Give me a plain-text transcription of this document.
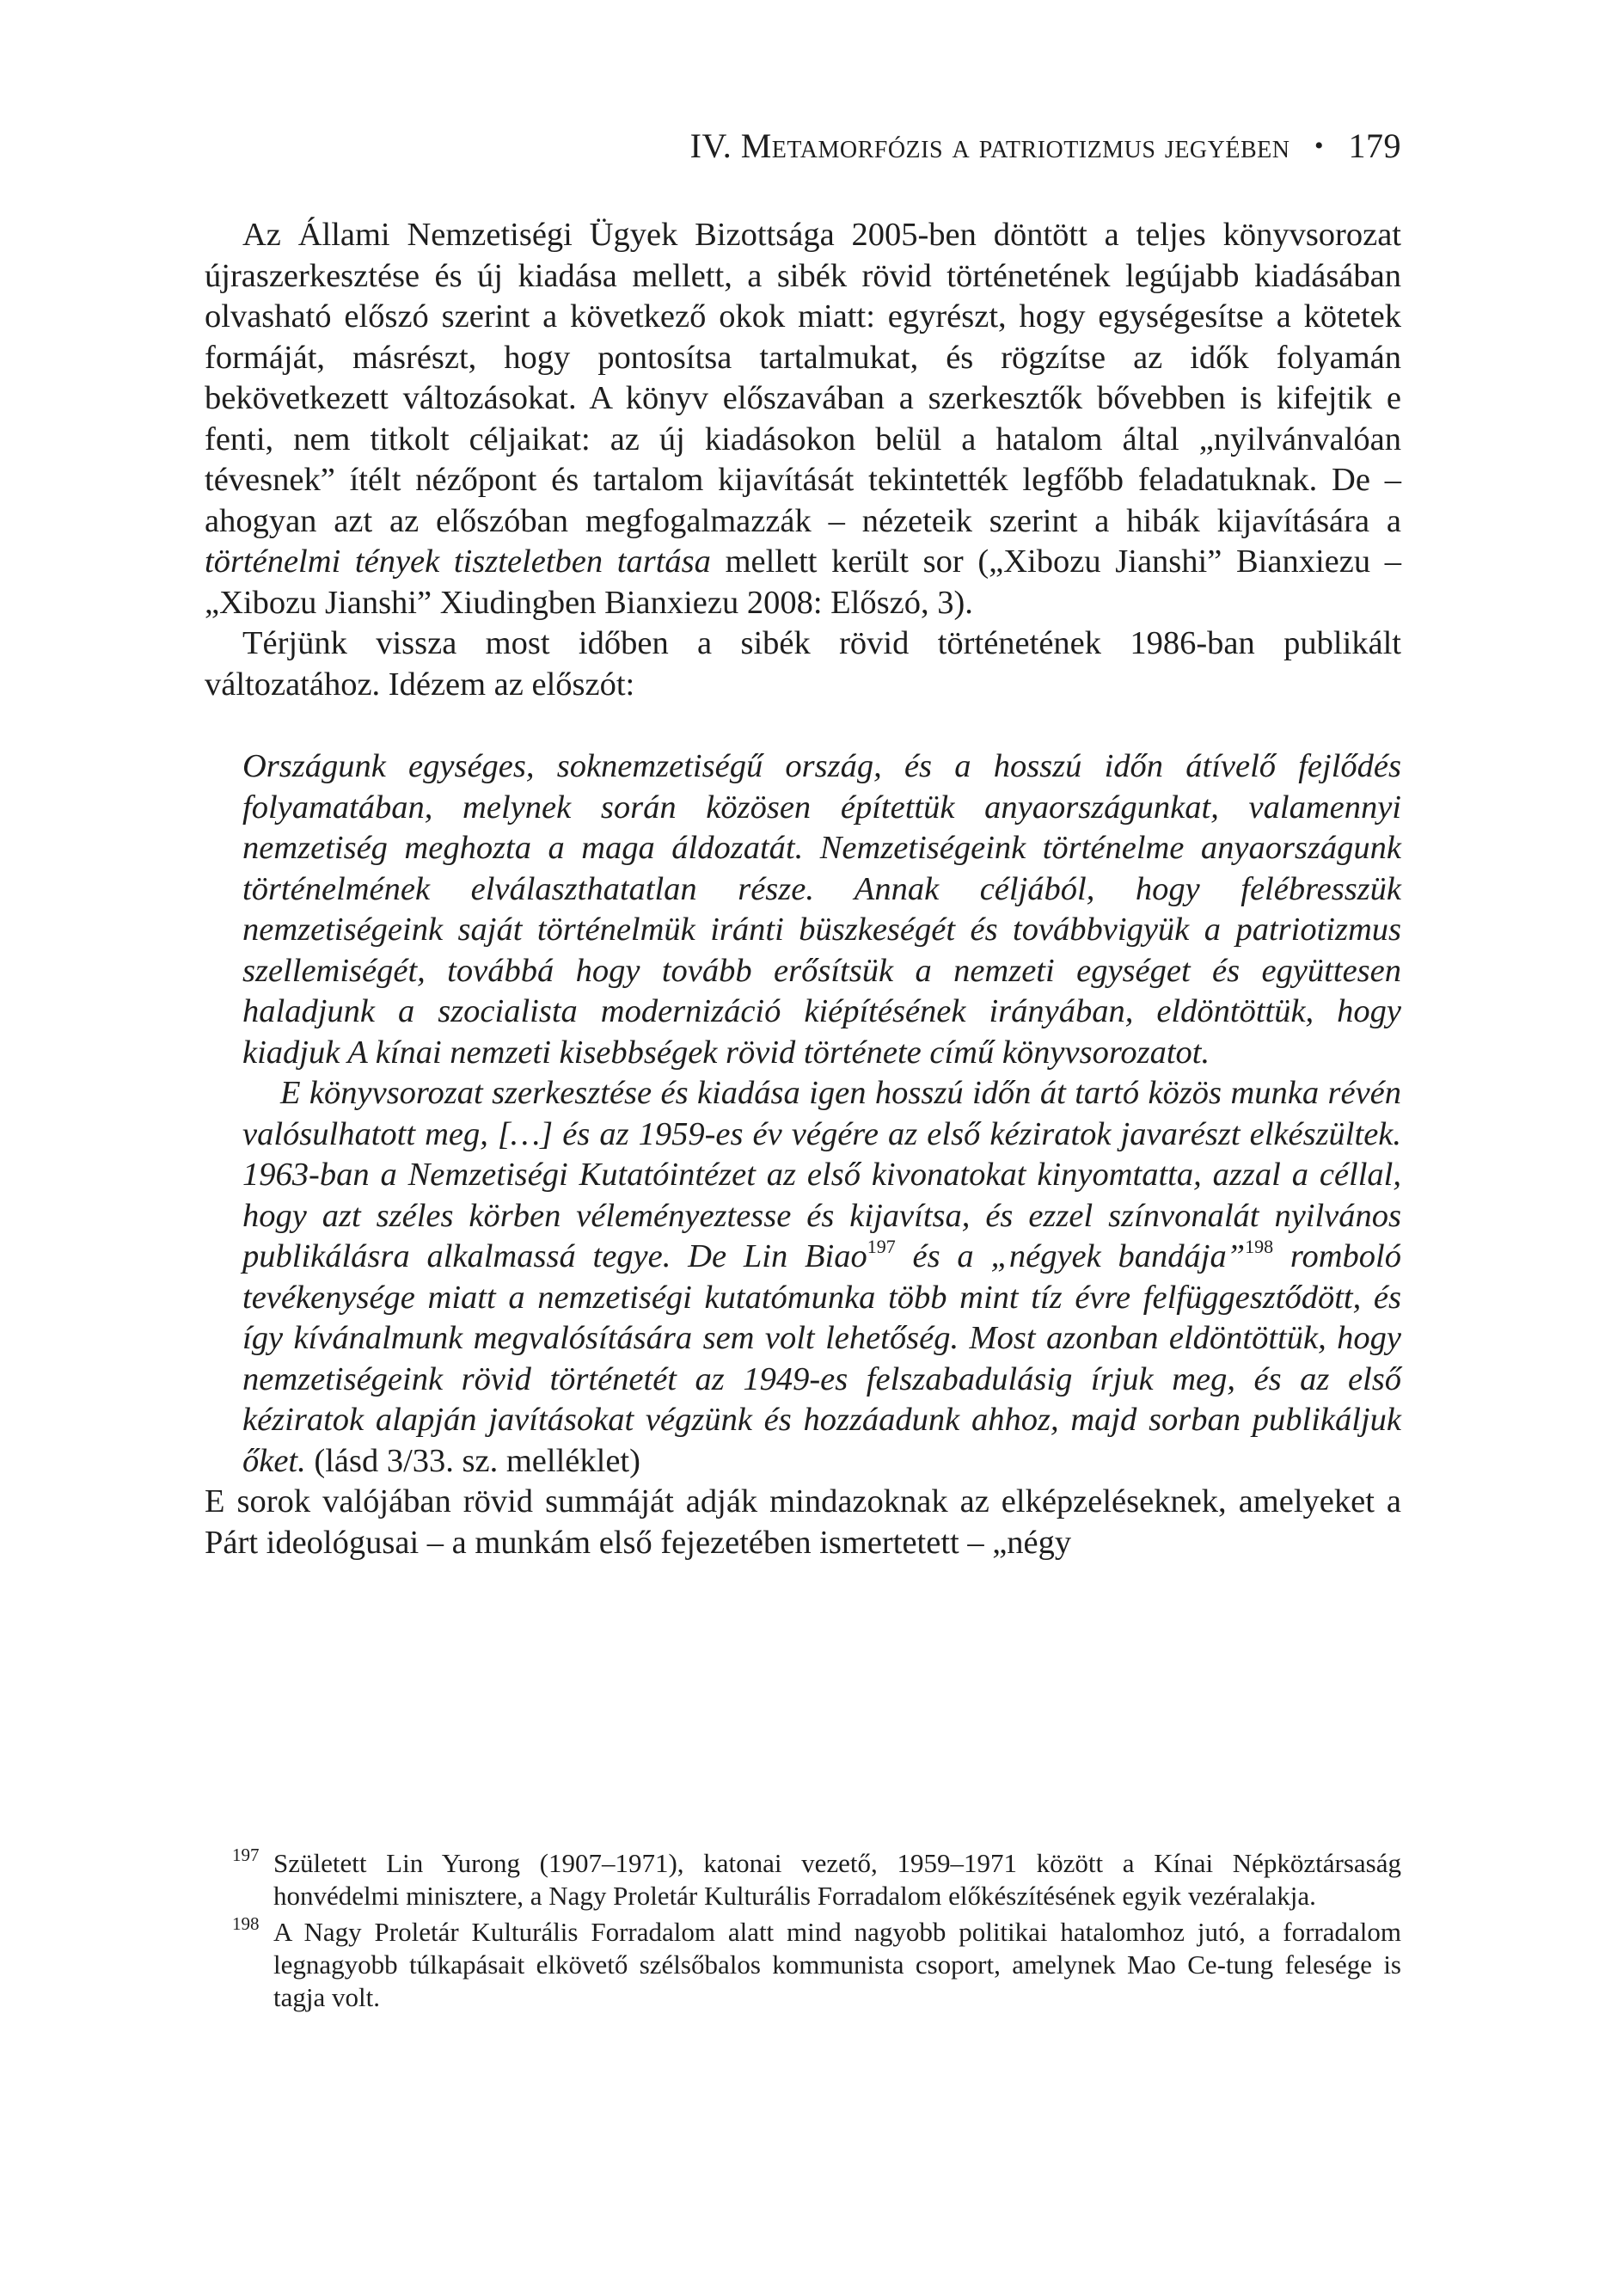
IV. Metamorfózis a patriotizmus jegyében • 179

Az Állami Nemzetiségi Ügyek Bizottsága 2005-ben döntött a teljes könyvsorozat újraszerkesztése és új kiadása mellett, a sibék rövid történetének legújabb kiadásában olvasható előszó szerint a következő okok miatt: egyrészt, hogy egységesítse a kötetek formáját, másrészt, hogy pontosítsa tartalmukat, és rögzítse az idők folyamán bekövetkezett változásokat. A könyv előszavában a szerkesztők bővebben is kifejtik e fenti, nem titkolt céljaikat: az új kiadásokon belül a hatalom által „nyilvánvalóan tévesnek” ítélt nézőpont és tartalom kijavítását tekintették legfőbb feladatuknak. De – ahogyan azt az előszóban megfogalmazzák – nézeteik szerint a hibák kijavítására a történelmi tények tiszteletben tartása mellett került sor („Xibozu Jianshi” Bianxiezu – „Xibozu Jianshi” Xiudingben Bianxiezu 2008: Előszó, 3).

Térjünk vissza most időben a sibék rövid történetének 1986-ban publikált változatához. Idézem az előszót:

Országunk egységes, soknemzetiségű ország, és a hosszú időn átívelő fejlődés folyamatában, melynek során közösen építettük anyaországunkat, valamennyi nemzetiség meghozta a maga áldozatát. Nemzetiségeink történelme anyaországunk történelmének elválaszthatatlan része. Annak céljából, hogy felébresszük nemzetiségeink saját történelmük iránti büszkeségét és továbbvigyük a patriotizmus szellemiségét, továbbá hogy tovább erősítsük a nemzeti egységet és együttesen haladjunk a szocialista modernizáció kiépítésének irányában, eldöntöttük, hogy kiadjuk A kínai nemzeti kisebbségek rövid története című könyvsorozatot.

E könyvsorozat szerkesztése és kiadása igen hosszú időn át tartó közös munka révén valósulhatott meg, […] és az 1959-es év végére az első kéziratok javarészt elkészültek. 1963-ban a Nemzetiségi Kutatóintézet az első kivonatokat kinyomtatta, azzal a céllal, hogy azt széles körben véleményeztesse és kijavítsa, és ezzel színvonalát nyilvános publikálásra alkalmassá tegye. De Lin Biao$^{197}$ és a „négyek bandája”$^{198}$ romboló tevékenysége miatt a nemzetiségi kutatómunka több mint tíz évre felfüggesztődött, és így kívánalmunk megvalósítására sem volt lehetőség. Most azonban eldöntöttük, hogy nemzetiségeink rövid történetét az 1949-es felszabadulásig írjuk meg, és az első kéziratok alapján javításokat végzünk és hozzáadunk ahhoz, majd sorban publikáljuk őket. (lásd 3/33. sz. melléklet)

E sorok valójában rövid summáját adják mindazoknak az elképzeléseknek, amelyeket a Párt ideológusai – a munkám első fejezetében ismertetett – „négy

197 Született Lin Yurong (1907–1971), katonai vezető, 1959–1971 között a Kínai Népköztársaság honvédelmi minisztere, a Nagy Proletár Kulturális Forradalom előkészítésének egyik vezéralakja.

198 A Nagy Proletár Kulturális Forradalom alatt mind nagyobb politikai hatalomhoz jutó, a forradalom legnagyobb túlkapásait elkövető szélsőbalos kommunista csoport, amelynek Mao Ce-tung felesége is tagja volt.
